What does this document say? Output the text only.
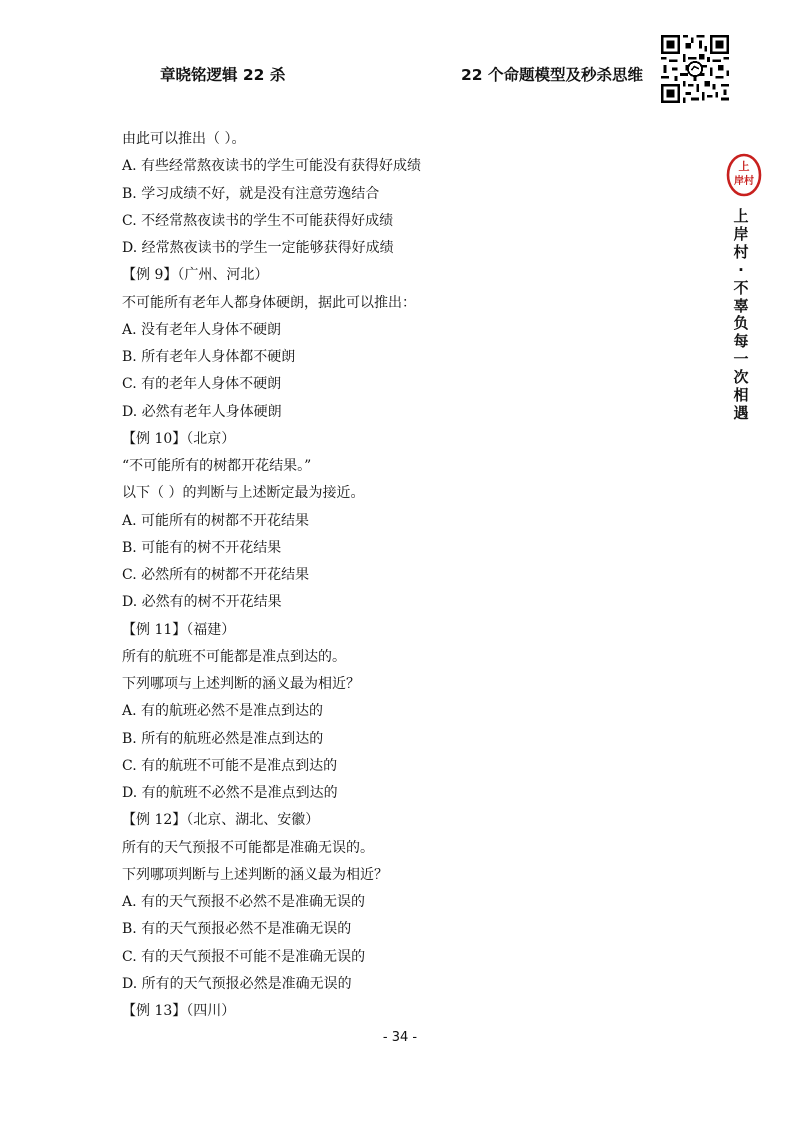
章晓铭逻辑 22 杀	22 个命题模型及秒杀思维
上
岸村
上
岸
村
·
不
辜
负
每
一
次
相
遇
由此可以推出（ ）。
A. 有些经常熬夜读书的学生可能没有获得好成绩
B. 学习成绩不好，就是没有注意劳逸结合
C. 不经常熬夜读书的学生不可能获得好成绩
D. 经常熬夜读书的学生一定能够获得好成绩
【例 9】（广州、河北）
不可能所有老年人都身体硬朗，据此可以推出：
A. 没有老年人身体不硬朗
B. 所有老年人身体都不硬朗
C. 有的老年人身体不硬朗
D. 必然有老年人身体硬朗
【例 10】（北京）
“不可能所有的树都开花结果。”
以下（ ）的判断与上述断定最为接近。
A. 可能所有的树都不开花结果
B. 可能有的树不开花结果
C. 必然所有的树都不开花结果
D. 必然有的树不开花结果
【例 11】（福建）
所有的航班不可能都是准点到达的。
下列哪项与上述判断的涵义最为相近？
A. 有的航班必然不是准点到达的
B. 所有的航班必然是准点到达的
C. 有的航班不可能不是准点到达的
D. 有的航班不必然不是准点到达的
【例 12】（北京、湖北、安徽）
所有的天气预报不可能都是准确无误的。
下列哪项判断与上述判断的涵义最为相近？
A. 有的天气预报不必然不是准确无误的
B. 有的天气预报必然不是准确无误的
C. 有的天气预报不可能不是准确无误的
D. 所有的天气预报必然是准确无误的
【例 13】（四川）
- 34 -
